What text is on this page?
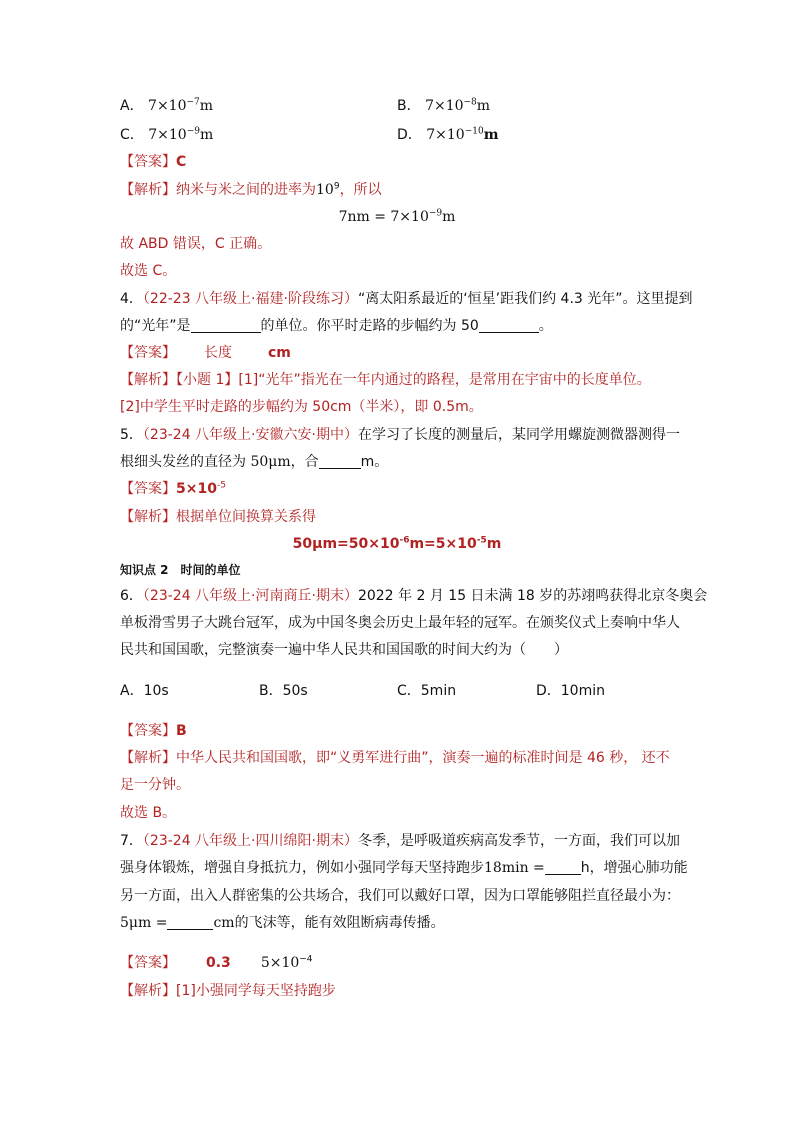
A． $7\times 10^{-7}m$	B． $7\times 10^{-8}m$
C． $7\times 10^{-9}m$	D． $7\times 10^{-10}m$
【答案】C
【解析】纳米与米之间的进率为$10^9$，所以
$7nm = 7\times 10^{-9}m$
故 ABD 错误，C 正确。
故选 C。
4．（22-23 八年级上·福建·阶段练习）“离太阳系最近的‘恒星’距我们约 4.3 光年”。这里提到
的“光年”是	的单位。你平时走路的步幅约为 50	。
【答案】 长度	cm
【解析】【小题 1】[1]“光年”指光在一年内通过的路程，是常用在宇宙中的长度单位。
[2]中学生平时走路的步幅约为 50cm（半米），即 0.5m。
5．（23-24 八年级上·安徽六安·期中）在学习了长度的测量后，某同学用螺旋测微器测得一
根细头发丝的直径为 50μm，合	m。
【答案】$5\times 10^{-5}$
【解析】根据单位间换算关系得
$50\mu m=50\times 10^{-6}m=5\times 10^{-5}m$
知识点 2　时间的单位
6．（23-24 八年级上·河南商丘·期末）2022 年 2 月 15 日未满 18 岁的苏翊鸣获得北京冬奥会
单板滑雪男子大跳台冠军，成为中国冬奥会历史上最年轻的冠军。在颁奖仪式上奏响中华人
民共和国国歌，完整演奏一遍中华人民共和国国歌的时间大约为（　　）
A．10s	B．50s	C．5min	D．10min
【答案】B
【解析】中华人民共和国国歌，即“义勇军进行曲”，演奏一遍的标准时间是 46 秒， 还不
足一分钟。
故选 B。
7．（23-24 八年级上·四川绵阳·期末）冬季，是呼吸道疾病高发季节，一方面，我们可以加
强身体锻炼，增强自身抵抗力，例如小强同学每天坚持跑步18min =	h，增强心肺功能
另一方面，出入人群密集的公共场合，我们可以戴好口罩，因为口罩能够阻拦直径最小为：
5μm =	cm的飞沫等，能有效阻断病毒传播。
【答案】 0.3 $5\times 10^{-4}$
【解析】[1]小强同学每天坚持跑步
